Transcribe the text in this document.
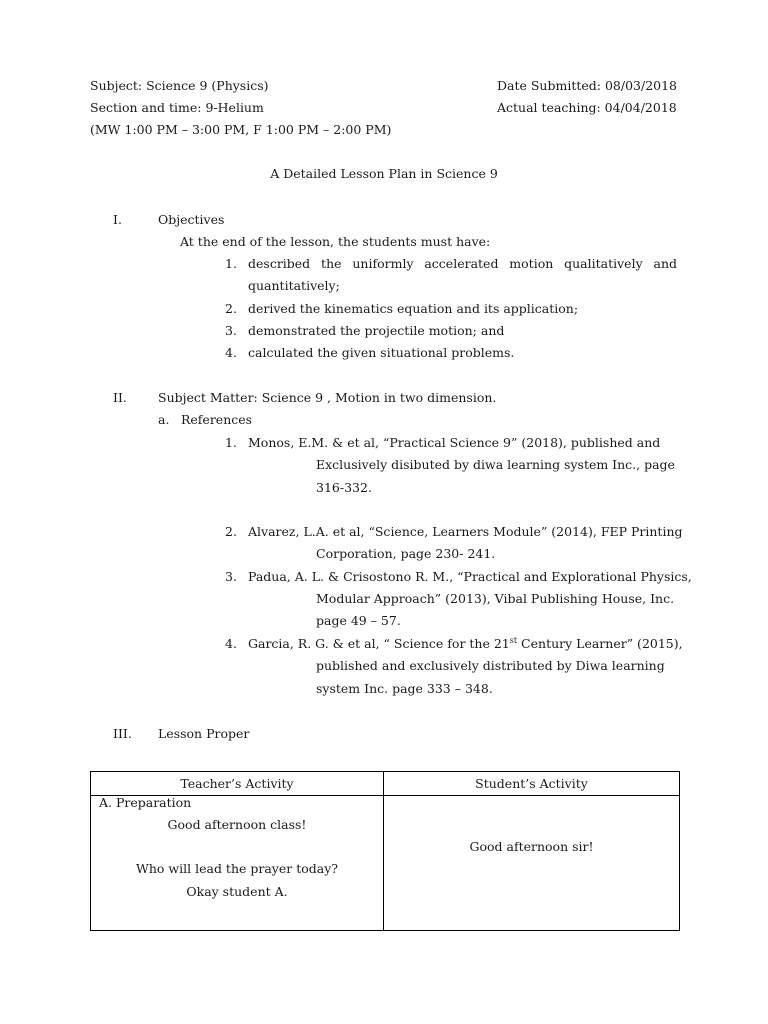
Subject: Science 9 (Physics)
Section and time: 9-Helium
(MW 1:00 PM – 3:00 PM, F 1:00 PM – 2:00 PM)
Date Submitted: 08/03/2018
Actual teaching: 04/04/2018
A Detailed Lesson Plan in Science 9
I.	Objectives
At the end of the lesson, the students must have:
1. described the uniformly accelerated motion qualitatively and
quantitatively;
2. derived the kinematics equation and its application;
3. demonstrated the projectile motion; and
4. calculated the given situational problems.
II. Subject Matter: Science 9 , Motion in two dimension.
a. References
1. Monos, E.M. & et al, “Practical Science 9” (2018), published and
Exclusively disibuted by diwa learning system Inc., page
316-332.
2. Alvarez, L.A. et al, “Science, Learners Module” (2014), FEP Printing
Corporation, page 230- 241.
3. Padua, A. L. & Crisostono R. M., “Practical and Explorational Physics,
Modular Approach” (2013), Vibal Publishing House, Inc.
page 49 – 57.
4. Garcia, R. G. & et al, “ Science for the 21st Century Learner” (2015),
published and exclusively distributed by Diwa learning
system Inc. page 333 – 348.
III. Lesson Proper
Teacher’s Activity	Student’s Activity

A. Preparation
Good afternoon class!
Who will lead the prayer today?
Okay student A.	Good afternoon sir!
